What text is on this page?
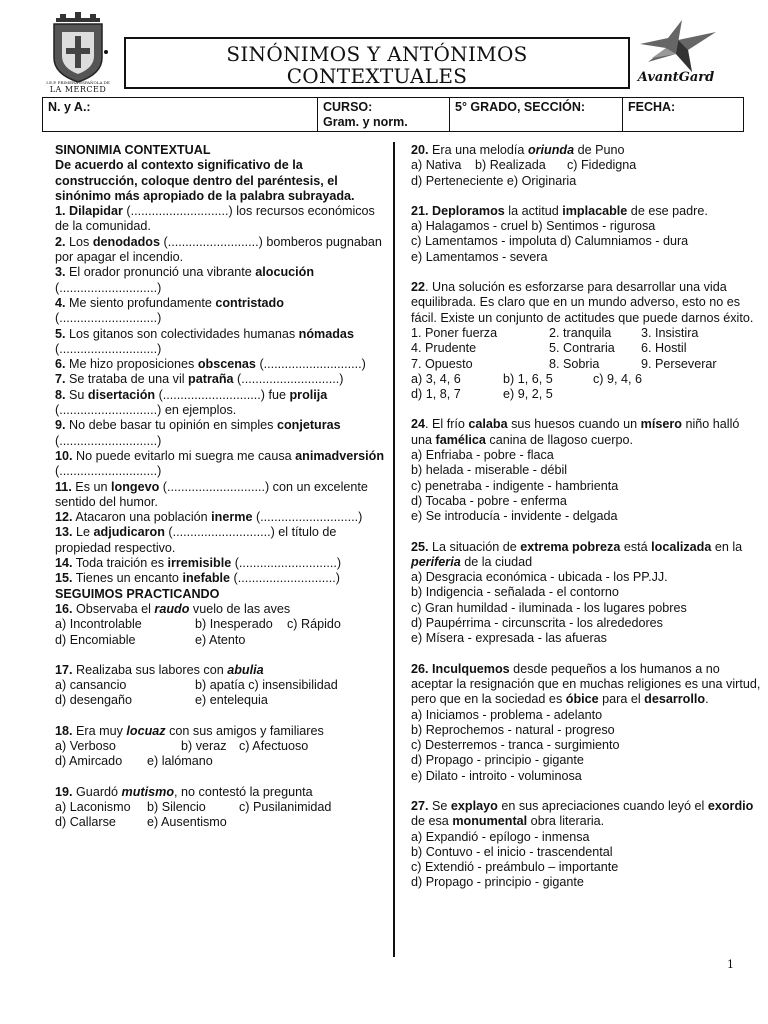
I.E.P. PRIMERA ESPAÑOLA DE
LA MERCED
SINÓNIMOS Y ANTÓNIMOS
CONTEXTUALES	AvantGard
N. y A.:	CURSO:
Gram. y norm.
5° GRADO, SECCIÓN:	FECHA:

SINONIMIA CONTEXTUAL

De acuerdo al contexto significativo de la construcción, coloque dentro del paréntesis, el sinónimo más apropiado de la palabra subrayada.

1. Dilapidar (............................) los recursos económicos de la comunidad.

2. Los denodados (..........................) bomberos pugnaban por apagar el incendio.

3. El orador pronunció una vibrante alocución (............................)

4. Me siento profundamente contristado (............................)

5. Los gitanos son colectividades humanas nómadas (............................)

6. Me hizo proposiciones obscenas (............................)

7. Se trataba de una vil patraña (............................)

8. Su disertación (............................) fue prolija (............................) en ejemplos.

9. No debe basar tu opinión en simples conjeturas (............................)

10. No puede evitarlo mi suegra me causa animadversión (............................)

11. Es un longevo (............................) con un excelente sentido del humor.

12. Atacaron una población inerme (............................)

13. Le adjudicaron (............................) el título de propiedad respectivo.

14. Toda traición es irremisible (............................)

15. Tienes un encanto inefable (............................)

SEGUIMOS PRACTICANDO

16. Observaba el raudo vuelo de las aves

a) Incontrolable	b) Inesperado	c) Rápido
d) Encomiable	e) Atento

17. Realizaba sus labores con abulia

a) cansancio	b) apatía c) insensibilidad
d) desengaño	e) entelequia

18. Era muy locuaz con sus amigos y familiares

a) Verboso	b) veraz c) Afectuoso
d) Amircado	e) lalómano

19. Guardó mutismo, no contestó la pregunta

a) Laconismo	b) Silencio	c) Pusilanimidad
d) Callarse	e) Ausentismo

20. Era una melodía oriunda de Puno

a) Nativa	b) Realizada	c) Fidedigna
d) Perteneciente e) Originaria

21. Deploramos la actitud implacable de ese padre.

a) Halagamos - cruel b) Sentimos - rigurosa

c) Lamentamos - impoluta d) Calumniamos - dura

e) Lamentamos - severa

22. Una solución es esforzarse para desarrollar una vida equilibrada. Es claro que en un mundo adverso, esto no es fácil. Existe un conjunto de actitudes que puede darnos éxito.

1. Poner fuerza	2. tranquila	3. Insistira
4. Prudente	5. Contraria	6. Hostil
7. Opuesto	8. Sobria	9. Perseverar
a) 3, 4, 6	b) 1, 6, 5	c) 9, 4, 6
d) 1, 8, 7	e) 9, 2, 5

24. El frío calaba sus huesos cuando un mísero niño halló una famélica canina de llagoso cuerpo.

a) Enfriaba - pobre - flaca

b) helada - miserable - débil

c) penetraba - indigente - hambrienta

d) Tocaba - pobre - enferma

e) Se introducía - invidente - delgada

25. La situación de extrema pobreza está localizada en la periferia de la ciudad

a) Desgracia económica - ubicada - los PP.JJ.

b) Indigencia - señalada - el contorno

c) Gran humildad - iluminada - los lugares pobres

d) Paupérrima - circunscrita - los alrededores

e) Mísera - expresada - las afueras

26. Inculquemos desde pequeños a los humanos a no aceptar la resignación que en muchas religiones es una virtud, pero que en la sociedad es óbice para el desarrollo.

a) Iniciamos - problema - adelanto

b) Reprochemos - natural - progreso

c) Desterremos - tranca - surgimiento

d) Propago - principio - gigante

e) Dilato - introito - voluminosa

27. Se explayo en sus apreciaciones cuando leyó el exordio de esa monumental obra literaria.

a) Expandió - epílogo - inmensa

b) Contuvo - el inicio - trascendental

c) Extendió - preámbulo – importante

d) Propago - principio - gigante

1
